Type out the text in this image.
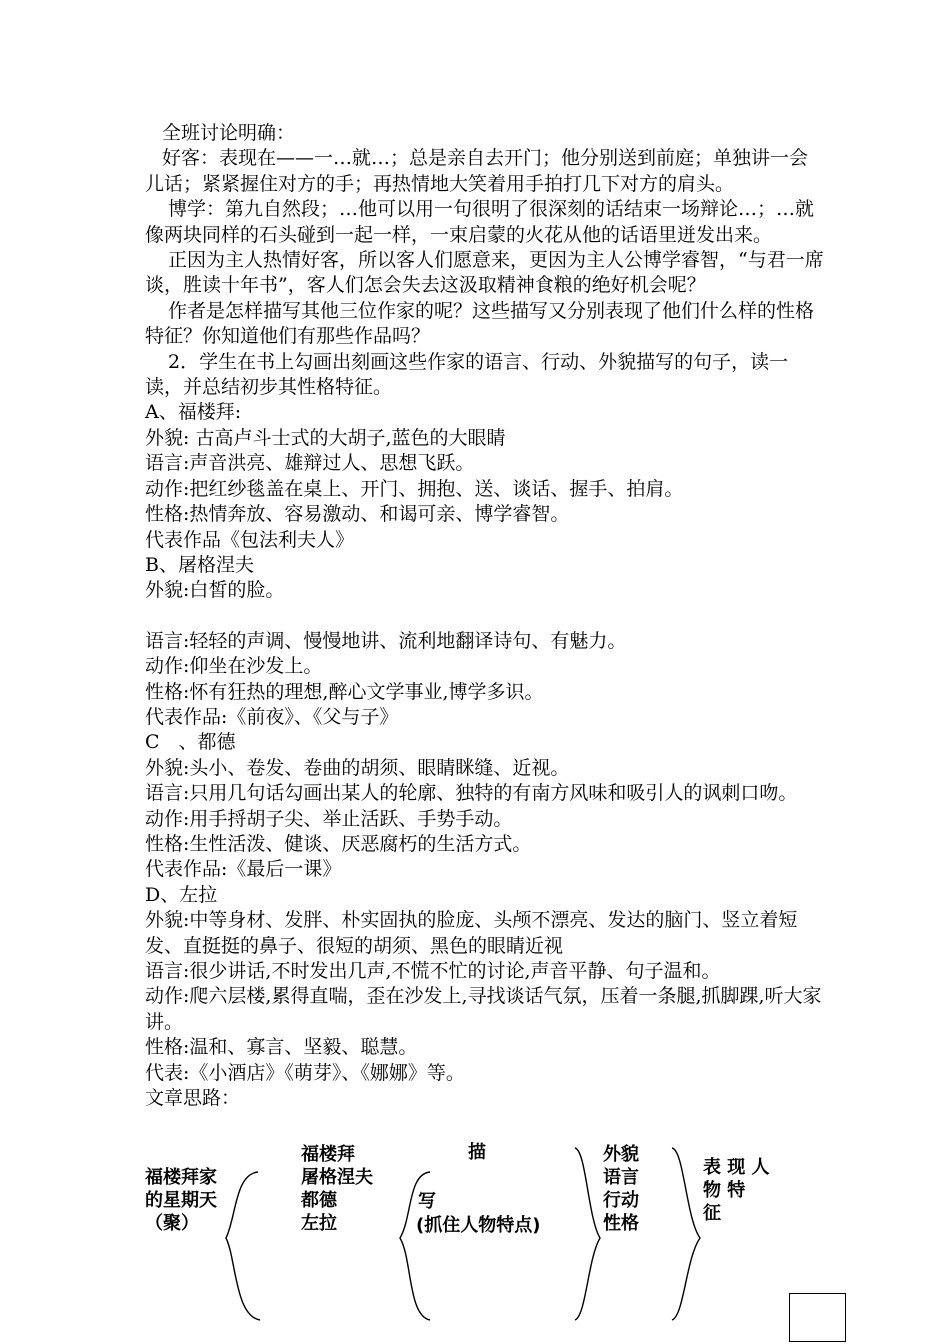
全班讨论明确：

好客：表现在——一…就…；总是亲自去开门；他分别送到前庭；单独讲一会儿话；紧紧握住对方的手；再热情地大笑着用手拍打几下对方的肩头。

博学：第九自然段；…他可以用一句很明了很深刻的话结束一场辩论…；…就像两块同样的石头碰到一起一样，一束启蒙的火花从他的话语里迸发出来。

正因为主人热情好客，所以客人们愿意来，更因为主人公博学睿智，“与君一席谈，胜读十年书”，客人们怎会失去这汲取精神食粮的绝好机会呢？

作者是怎样描写其他三位作家的呢？这些描写又分别表现了他们什么样的性格特征？你知道他们有那些作品吗？

2．学生在书上勾画出刻画这些作家的语言、行动、外貌描写的句子，读一读，并总结初步其性格特征。

A、福楼拜:

外貌: 古高卢斗士式的大胡子,蓝色的大眼睛

语言:声音洪亮、雄辩过人、思想飞跃。

动作:把红纱毯盖在桌上、开门、拥抱、送、谈话、握手、拍肩。

性格:热情奔放、容易激动、和谒可亲、博学睿智。

代表作品《包法利夫人》

B、屠格涅夫

外貌:白皙的脸。

语言:轻轻的声调、慢慢地讲、流利地翻译诗句、有魅力。

动作:仰坐在沙发上。

性格:怀有狂热的理想,醉心文学事业,博学多识。

代表作品:《前夜》、《父与子》

C　、都德

外貌:头小、卷发、卷曲的胡须、眼睛眯缝、近视。

语言:只用几句话勾画出某人的轮廓、独特的有南方风味和吸引人的讽刺口吻。

动作:用手捋胡子尖、举止活跃、手势手动。

性格:生性活泼、健谈、厌恶腐朽的生活方式。

代表作品:《最后一课》

D、左拉

外貌:中等身材、发胖、朴实固执的脸庞、头颅不漂亮、发达的脑门、竖立着短发、直挺挺的鼻子、很短的胡须、黑色的眼睛近视

语言:很少讲话,不时发出几声,不慌不忙的讨论,声音平静、句子温和。

动作:爬六层楼,累得直喘，歪在沙发上,寻找谈话气氛，压着一条腿,抓脚踝,听大家讲。

性格:温和、寡言、坚毅、聪慧。

代表:《小酒店》《萌芽》、《娜娜》等。

文章思路：

福楼拜家
的星期天
（聚）
福楼拜
屠格涅夫
都德
左拉
描
写
(抓住人物特点)
外貌
语言
行动
性格
表 现 人
物 特
征
